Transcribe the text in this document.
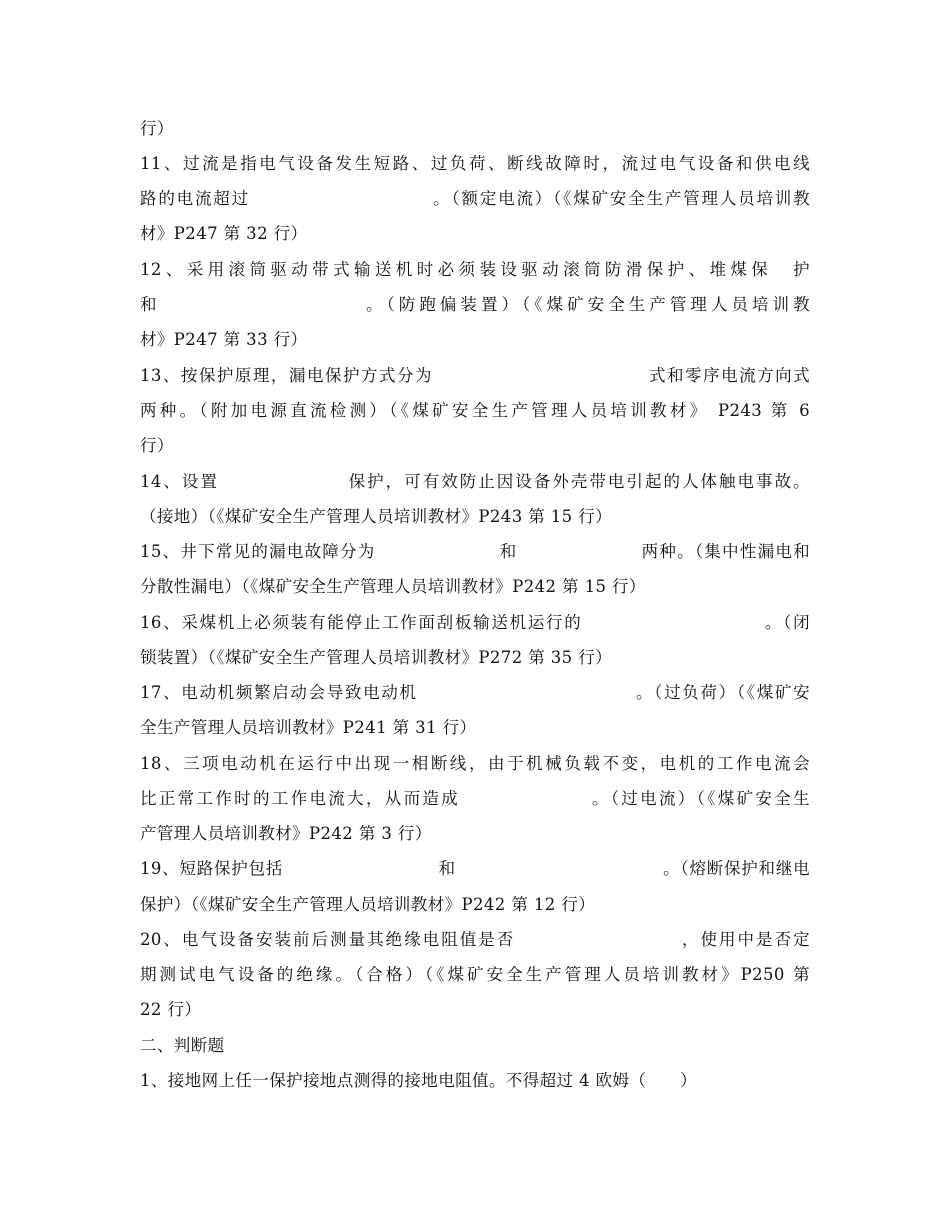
行）
11、过流是指电气设备发生短路、过负荷、断线故障时，流过电气设备和供电线
路的电流超过　　　　　　　　　　。（额定电流）（《煤矿安全生产管理人员培训教
材》P247 第 32 行）
12、采用滚筒驱动带式输送机时必须装设驱动滚筒防滑保护、堆煤保　护
和　　　　　　　　　　。（防跑偏装置）（《煤矿安全生产管理人员培训教
材》P247 第 33 行）
13、按保护原理，漏电保护方式分为　　　　　　　　　　　　式和零序电流方向式
两种。（附加电源直流检测）（《煤矿安全生产管理人员培训教材》 P243 第 6
行）
14、设置　　　　　　　保护，可有效防止因设备外壳带电引起的人体触电事故。
（接地）（《煤矿安全生产管理人员培训教材》P243 第 15 行）
15、井下常见的漏电故障分为　　　　　　　和　　　　　　　两种。（集中性漏电和
分散性漏电）（《煤矿安全生产管理人员培训教材》P242 第 15 行）
16、采煤机上必须装有能停止工作面刮板输送机运行的　　　　　　　　　　。（闭
锁装置）（《煤矿安全生产管理人员培训教材》P272 第 35 行）
17、电动机频繁启动会导致电动机　　　　　　　　　　　　。（过负荷）（《煤矿安
全生产管理人员培训教材》P241 第 31 行）
18、三项电动机在运行中出现一相断线，由于机械负载不变，电机的工作电流会
比正常工作时的工作电流大，从而造成　　　　　　　。（过电流）（《煤矿安全生
产管理人员培训教材》P242 第 3 行）
19、短路保护包括　　　　　　　　　和　　　　　　　　　　　　。（熔断保护和继电
保护）（《煤矿安全生产管理人员培训教材》P242 第 12 行）
20、电气设备安装前后测量其绝缘电阻值是否　　　　　　　　　，使用中是否定
期测试电气设备的绝缘。（合格）（《煤矿安全生产管理人员培训教材》P250 第
22 行）
二、判断题
1、接地网上任一保护接地点测得的接地电阻值。不得超过 4 欧姆（　　）
